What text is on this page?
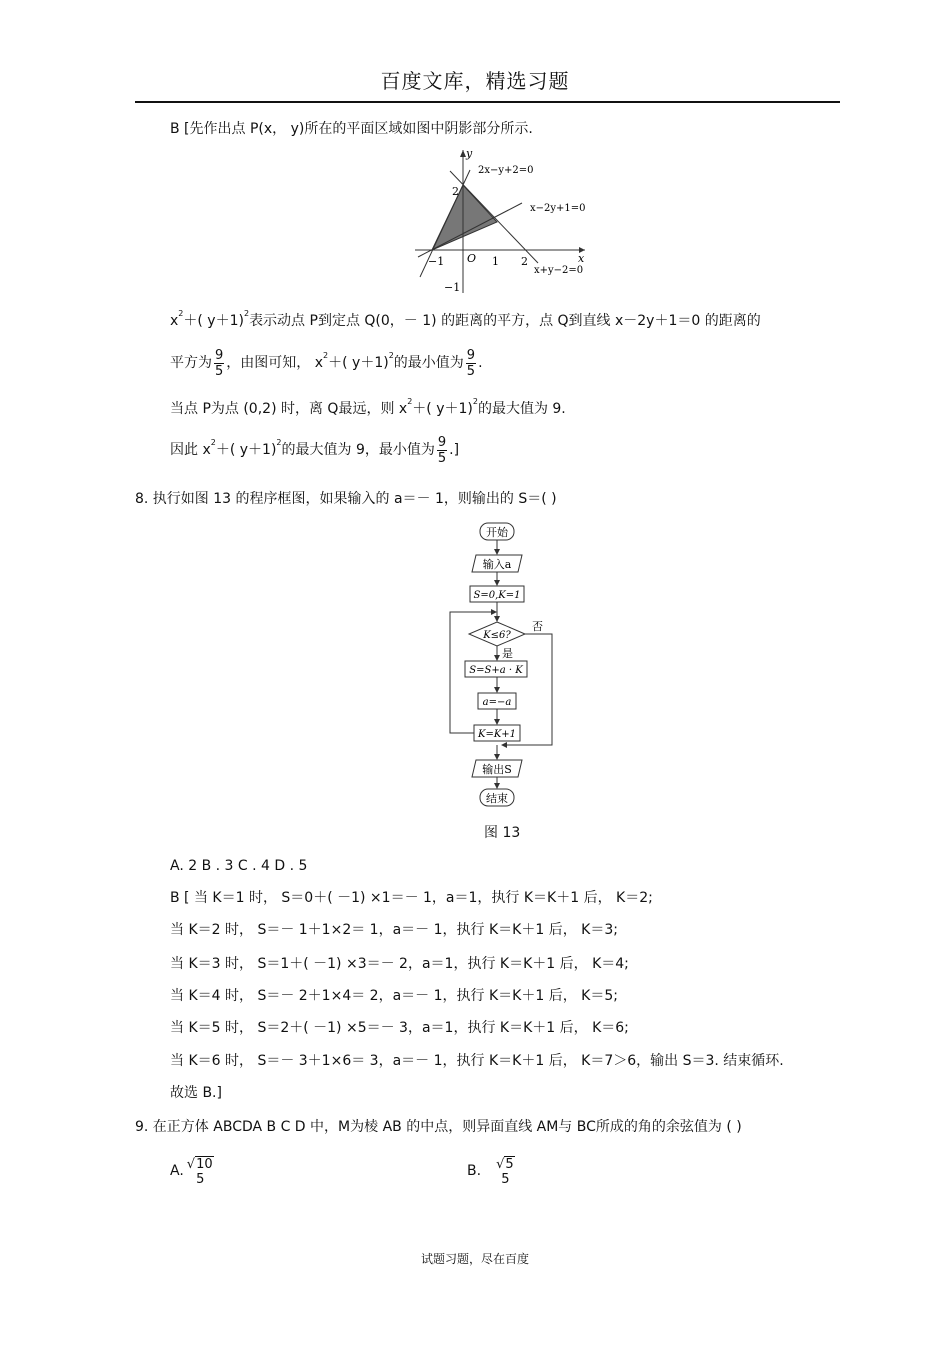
百度文库，精选习题
B [先作出点 P(x， y)所在的平面区域如图中阴影部分所示.
y
x
O
−1	1 2
2
−1
2x−y+2=0
x−2y+1=0
x+y−2=0
$x^2+$( y＋1)$^2$表示动点 P到定点 Q(0，－ 1) 的距离的平方，点 Q到直线 x－2y＋1＝0 的距离的
平方为 $\frac{9}{5}$ ，由图可知， $x^2+$( y＋1)$^2$的最小值为 $\frac{9}{5}$ .
当点 P为点 (0,2) 时，离 Q最远，则 $x^2+$( y＋1)$^2$的最大值为 9.
因此 $x^2+$( y＋1)$^2$的最大值为 9，最小值为 $\frac{9}{5}$ .]
8. 执行如图 13 的程序框图，如果输入的 a＝－ 1，则输出的 S＝( )
开始
输入a
S=0,K=1
K≤6?
否
是
S=S+a · K
a=−a
K=K+1
输出S
结束
图 13
A. 2 B . 3 C . 4 D . 5
B [ 当 K＝1 时， S＝0＋( －1) ×1＝－ 1，a＝1，执行 K＝K＋1 后， K＝2;
当 K＝2 时， S＝－ 1＋1×2＝ 1，a＝－ 1，执行 K＝K＋1 后， K＝3;
当 K＝3 时， S＝1＋( －1) ×3＝－ 2，a＝1，执行 K＝K＋1 后， K＝4;
当 K＝4 时， S＝－ 2＋1×4＝ 2，a＝－ 1，执行 K＝K＋1 后， K＝5;
当 K＝5 时， S＝2＋( －1) ×5＝－ 3，a＝1，执行 K＝K＋1 后， K＝6;
当 K＝6 时， S＝－ 3＋1×6＝ 3，a＝－ 1，执行 K＝K＋1 后， K＝7＞6，输出 S＝3. 结束循环.
故选 B.]
9. 在正方体 ABCDA B C D 中，M为棱 AB 的中点，则异面直线 AM与 BC所成的角的余弦值为 ( )
A. √10
5	B. √5
5
试题习题，尽在百度
